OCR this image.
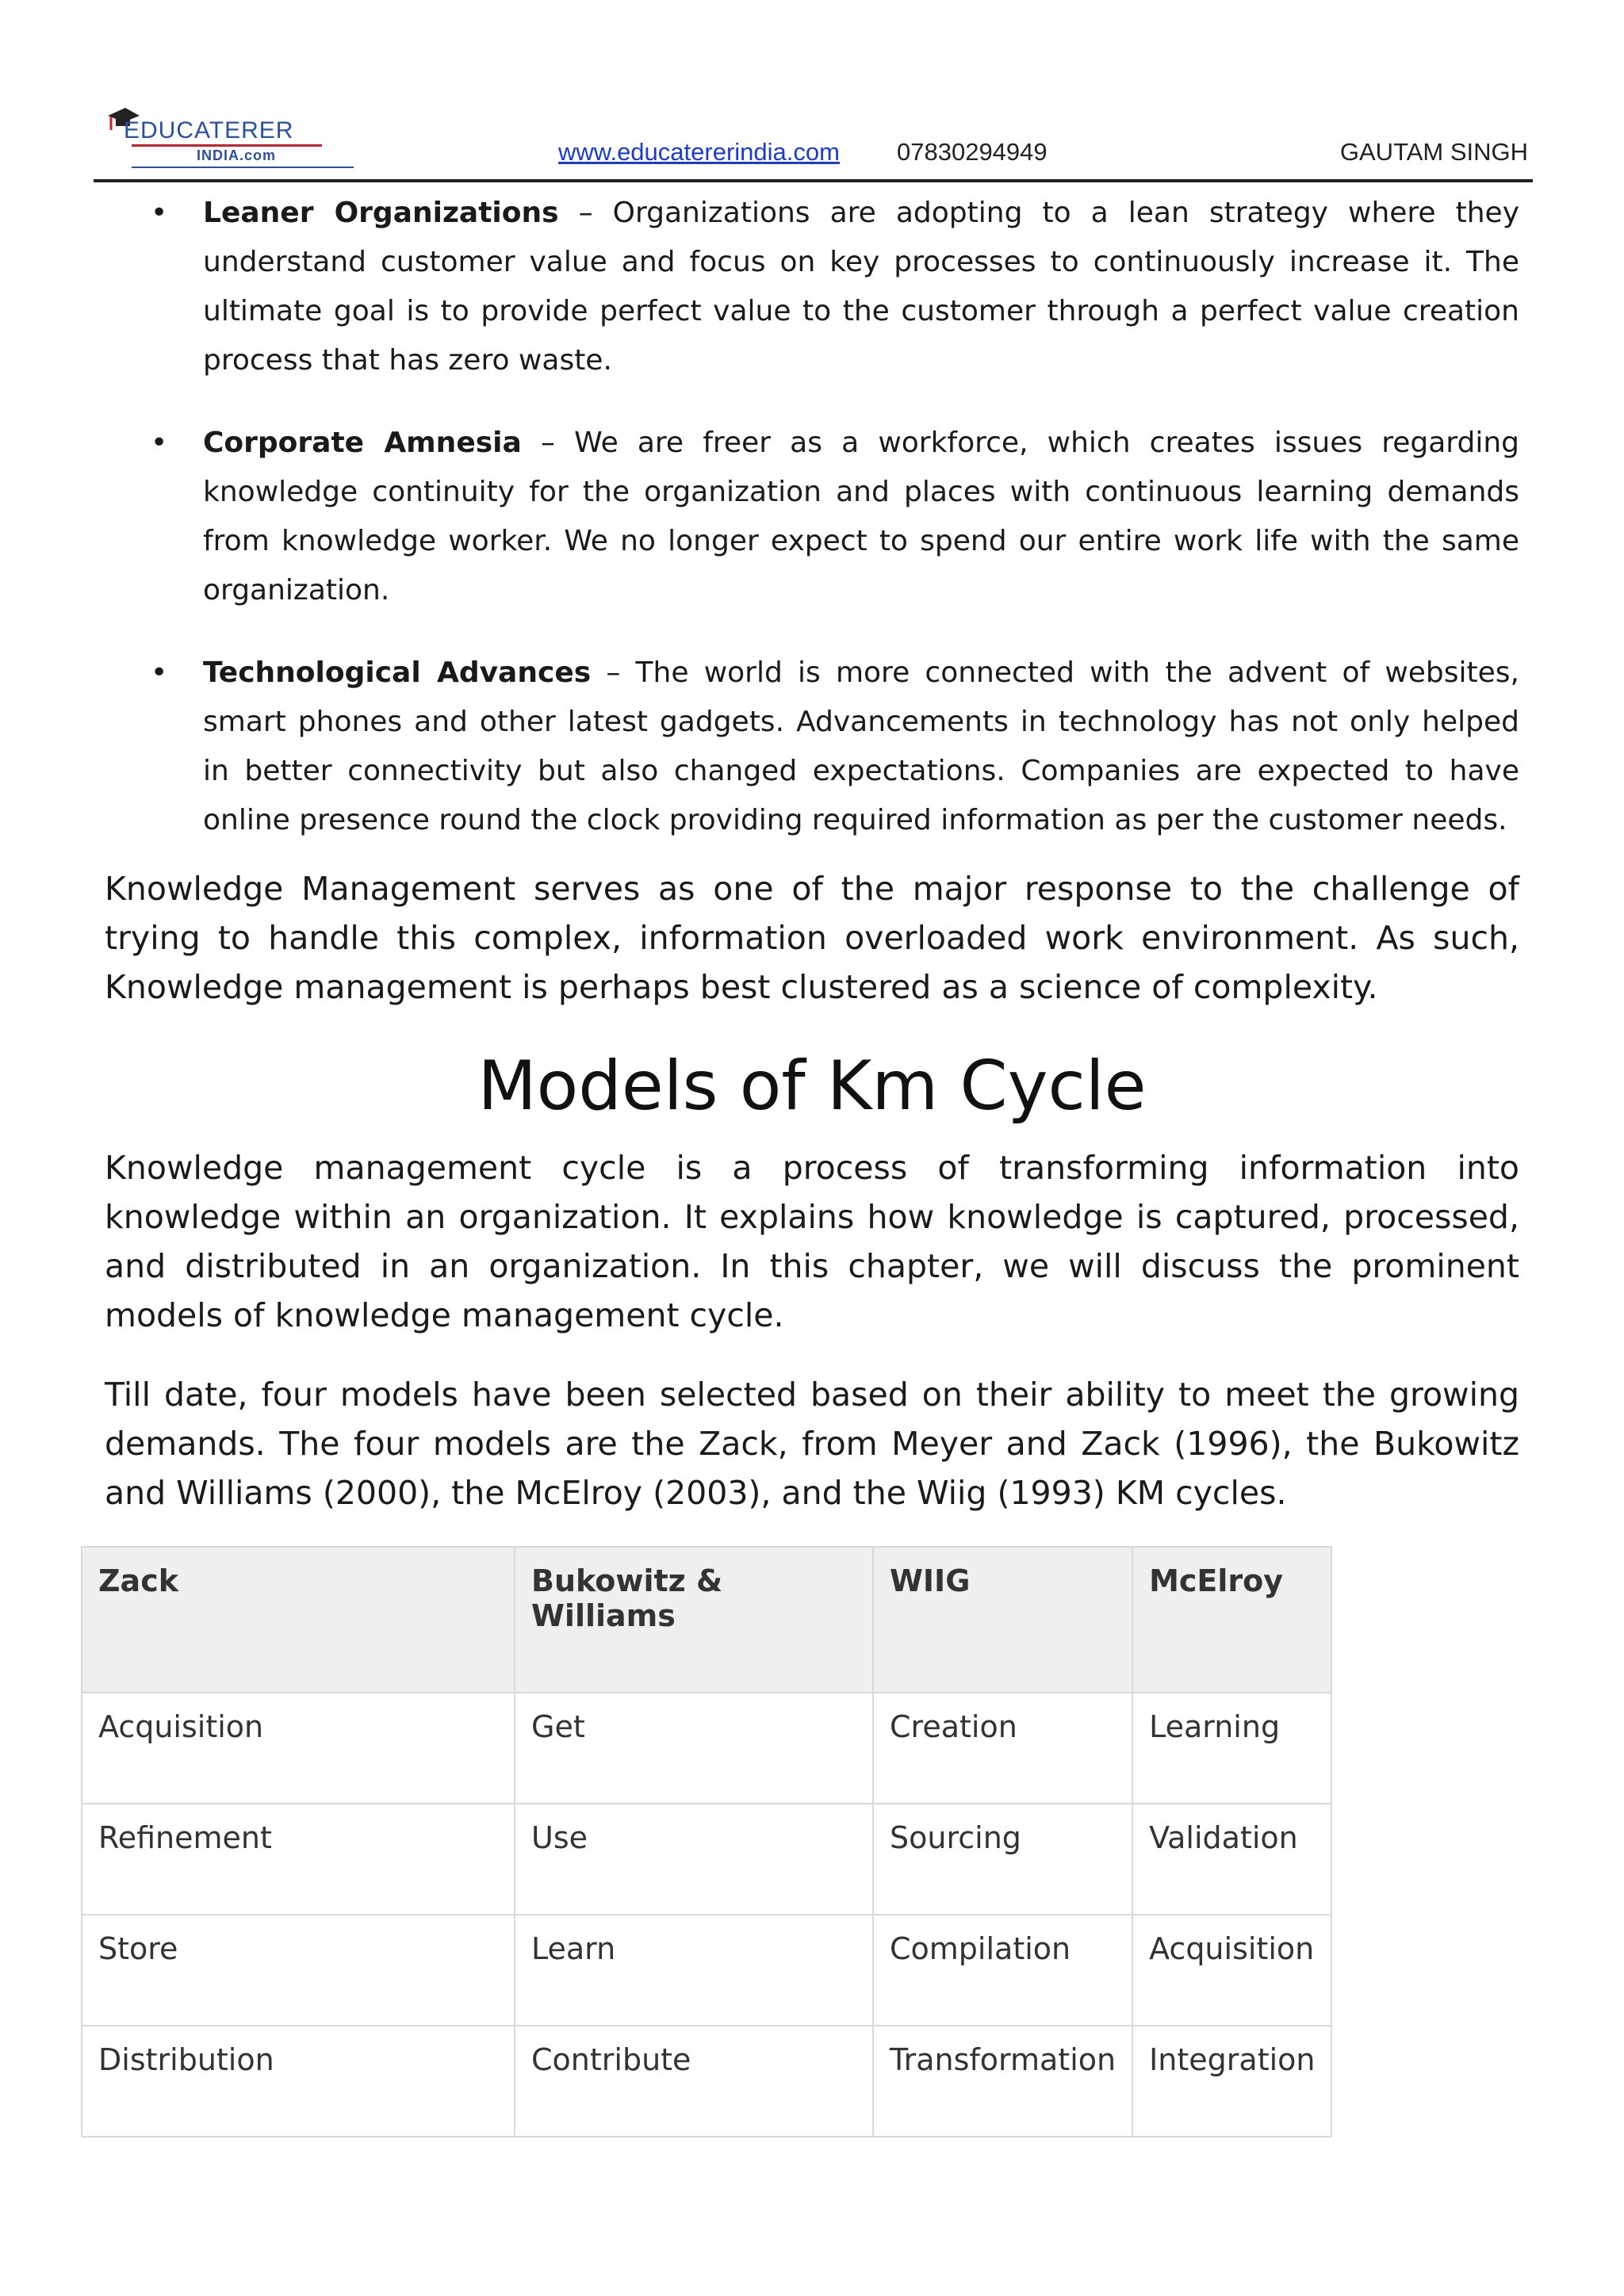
EDUCATERER
INDIA.com	www.educatererindia.com 07830294949	GAUTAM SINGH
• Leaner Organizations – Organizations are adopting to a lean strategy where they understand customer value and focus on key processes to continuously increase it. The ultimate goal is to provide perfect value to the customer through a perfect value creation process that has zero waste.
• Corporate Amnesia – We are freer as a workforce, which creates issues regarding knowledge continuity for the organization and places with continuous learning demands from knowledge worker. We no longer expect to spend our entire work life with the same organization.
• Technological Advances – The world is more connected with the advent of websites, smart phones and other latest gadgets. Advancements in technology has not only helped in better connectivity but also changed expectations. Companies are expected to have online presence round the clock providing required information as per the customer needs.

Knowledge Management serves as one of the major response to the challenge of trying to handle this complex, information overloaded work environment. As such, Knowledge management is perhaps best clustered as a science of complexity.

Models of Km Cycle

Knowledge management cycle is a process of transforming information into knowledge within an organization. It explains how knowledge is captured, processed, and distributed in an organization. In this chapter, we will discuss the prominent models of knowledge management cycle.

Till date, four models have been selected based on their ability to meet the growing demands. The four models are the Zack, from Meyer and Zack (1996), the Bukowitz and Williams (2000), the McElroy (2003), and the Wiig (1993) KM cycles.

Zack	Bukowitz & Williams	WIIG	McElroy
Acquisition	Get	Creation	Learning
Refinement	Use	Sourcing	Validation
Store	Learn	Compilation	Acquisition
Distribution	Contribute	Transformation	Integration
